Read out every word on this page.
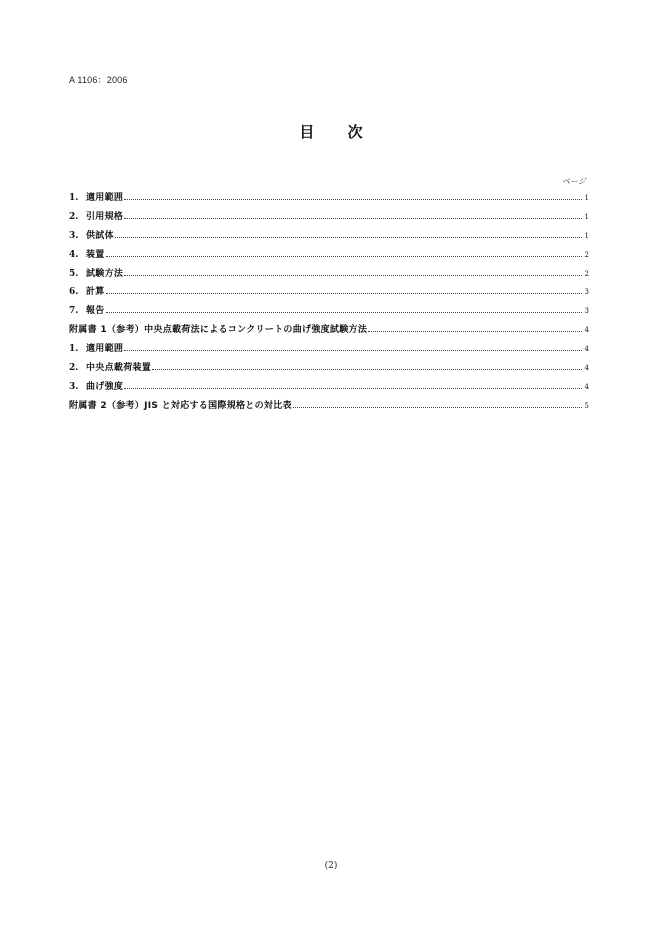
A 1106：2006
目 次
ページ
1. 適用範囲	1
2. 引用規格	1
3. 供試体	1
4. 装置	2
5. 試験方法	2
6. 計算	3
7. 報告	3
附属書 1（参考）中央点載荷法によるコンクリートの曲げ強度試験方法	4
1. 適用範囲	4
2. 中央点載荷装置	4
3. 曲げ強度	4
附属書 2（参考）JIS と対応する国際規格との対比表	5
(2)
